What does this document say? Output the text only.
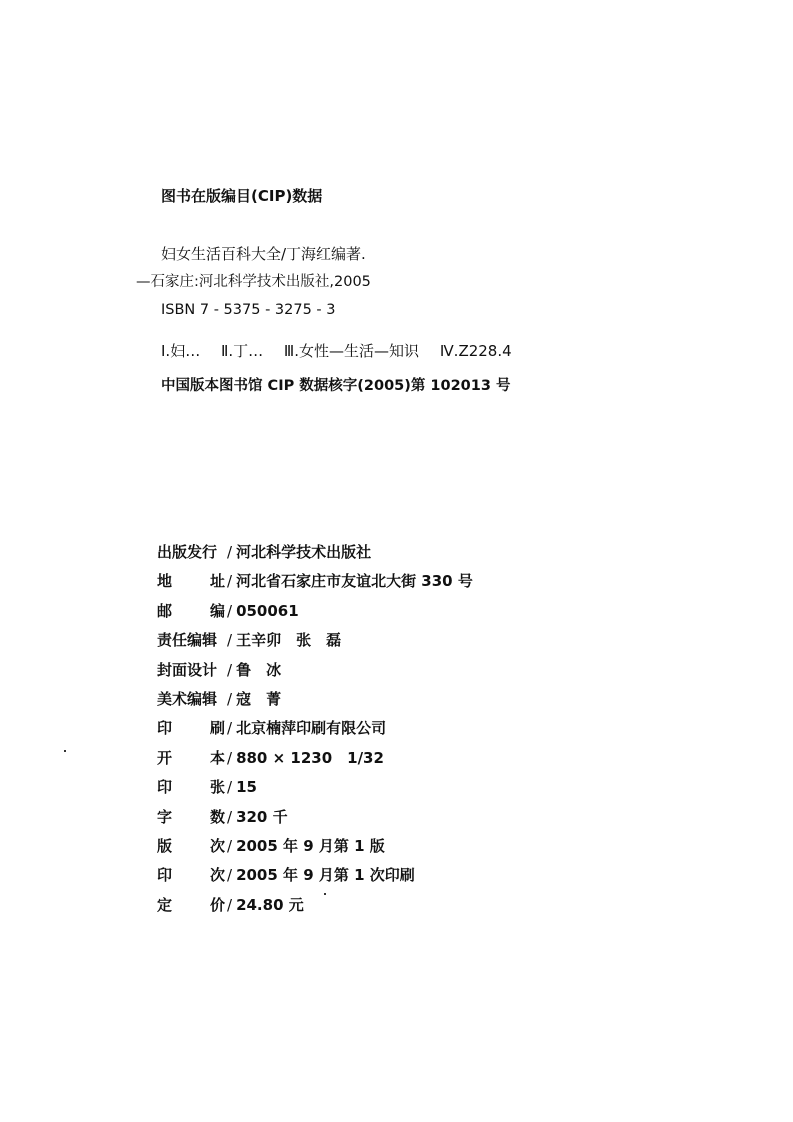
图书在版编目(CIP)数据
妇女生活百科大全/丁海红编著.
—石家庄:河北科学技术出版社,2005
ISBN 7 - 5375 - 3275 - 3
Ⅰ.妇… Ⅱ.丁… Ⅲ.女性—生活—知识 Ⅳ.Z228.4
中国版本图书馆 CIP 数据核字(2005)第 102013 号
出版发行 / 河北科学技术出版社
地	址 / 河北省石家庄市友谊北大街 330 号
邮	编 / 050061
责任编辑 / 王辛卯　张　磊
封面设计 / 鲁　冰
美术编辑 / 寇　菁
印	刷 / 北京楠萍印刷有限公司
开	本 / 880 × 1230　1/32
印	张 / 15
字	数 / 320 千
版	次 / 2005 年 9 月第 1 版
印	次 / 2005 年 9 月第 1 次印刷
定	价 / 24.80 元
